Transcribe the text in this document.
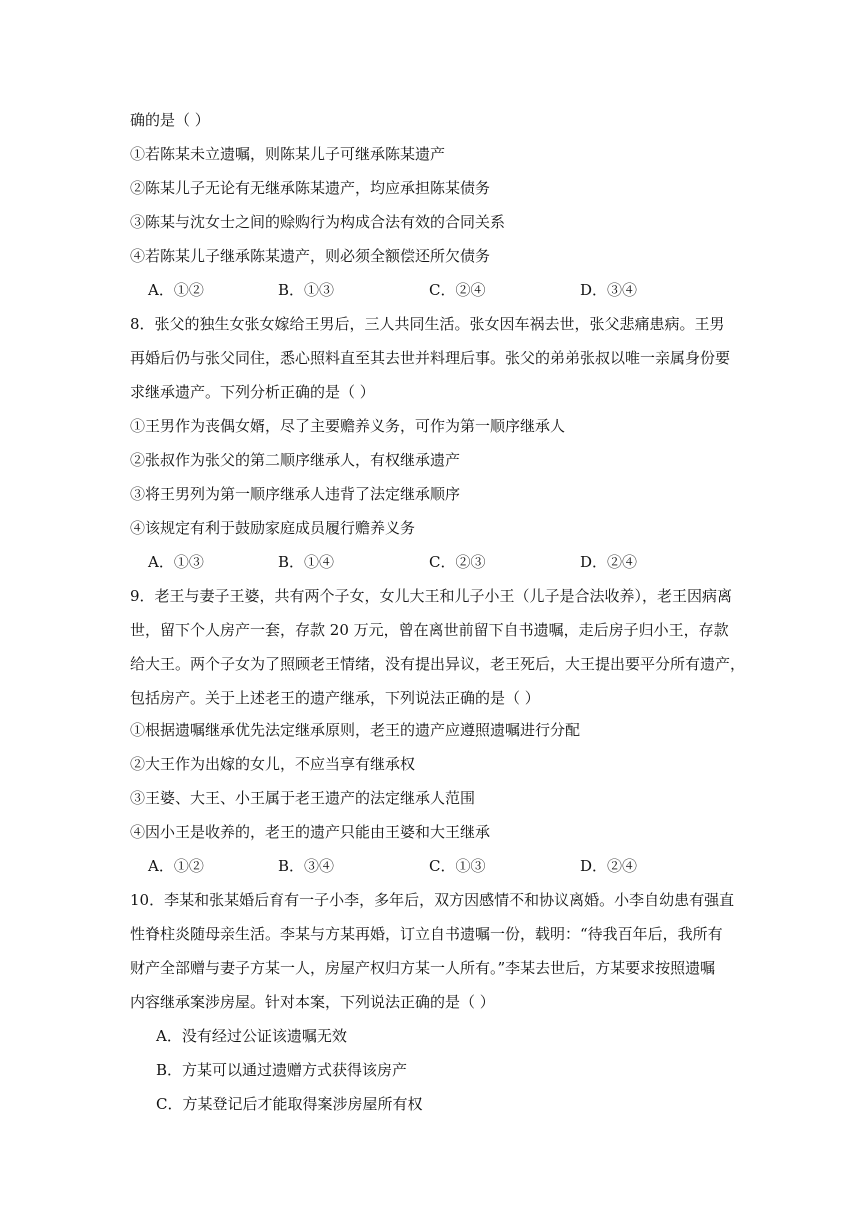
确的是（ ）
①若陈某未立遗嘱，则陈某儿子可继承陈某遗产
②陈某儿子无论有无继承陈某遗产，均应承担陈某债务
③陈某与沈女士之间的赊购行为构成合法有效的合同关系
④若陈某儿子继承陈某遗产，则必须全额偿还所欠债务
A．①②	B．①③	C．②④	D．③④
8．张父的独生女张女嫁给王男后，三人共同生活。张女因车祸去世，张父悲痛患病。王男
再婚后仍与张父同住，悉心照料直至其去世并料理后事。张父的弟弟张叔以唯一亲属身份要
求继承遗产。下列分析正确的是（ ）
①王男作为丧偶女婿，尽了主要赡养义务，可作为第一顺序继承人
②张叔作为张父的第二顺序继承人，有权继承遗产
③将王男列为第一顺序继承人违背了法定继承顺序
④该规定有利于鼓励家庭成员履行赡养义务
A．①③	B．①④	C．②③	D．②④
9．老王与妻子王婆，共有两个子女，女儿大王和儿子小王（儿子是合法收养），老王因病离
世，留下个人房产一套，存款 20 万元，曾在离世前留下自书遗嘱，走后房子归小王，存款
给大王。两个子女为了照顾老王情绪，没有提出异议，老王死后，大王提出要平分所有遗产，
包括房产。关于上述老王的遗产继承，下列说法正确的是（ ）
①根据遗嘱继承优先法定继承原则，老王的遗产应遵照遗嘱进行分配
②大王作为出嫁的女儿，不应当享有继承权
③王婆、大王、小王属于老王遗产的法定继承人范围
④因小王是收养的，老王的遗产只能由王婆和大王继承
A．①②	B．③④	C．①③	D．②④
10．李某和张某婚后育有一子小李，多年后，双方因感情不和协议离婚。小李自幼患有强直
性脊柱炎随母亲生活。李某与方某再婚，订立自书遗嘱一份，载明：“待我百年后，我所有
财产全部赠与妻子方某一人，房屋产权归方某一人所有。”李某去世后，方某要求按照遗嘱
内容继承案涉房屋。针对本案，下列说法正确的是（ ）
A．没有经过公证该遗嘱无效
B．方某可以通过遗赠方式获得该房产
C．方某登记后才能取得案涉房屋所有权
